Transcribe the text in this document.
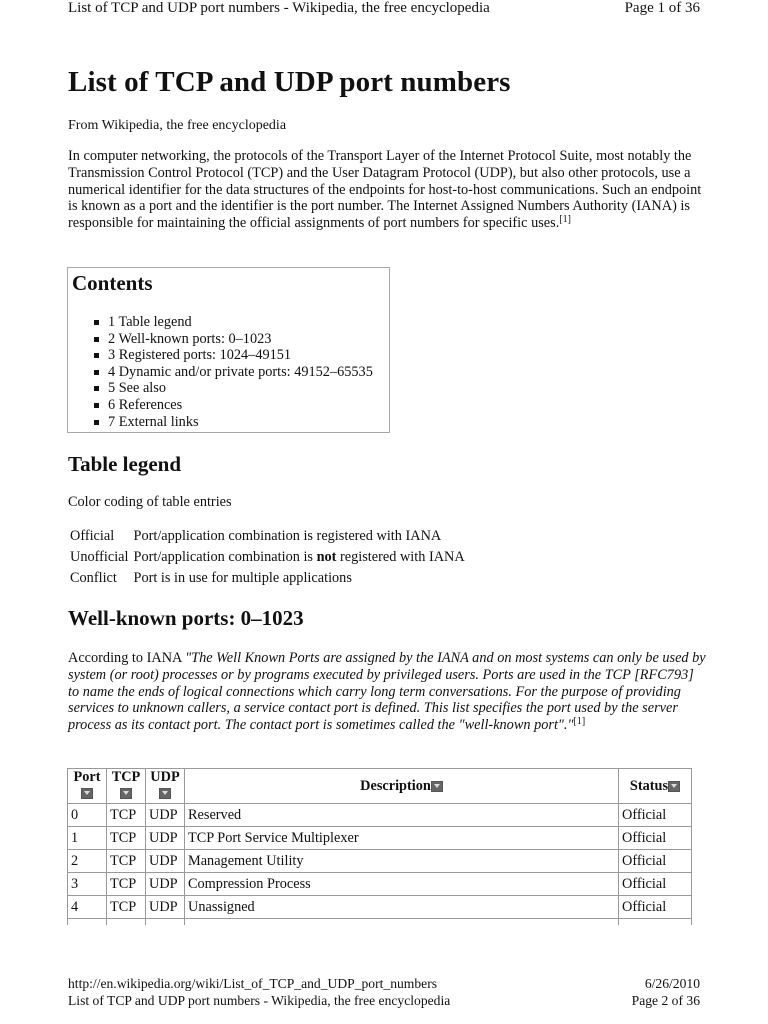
List of TCP and UDP port numbers - Wikipedia, the free encyclopedia	Page 1 of 36
List of TCP and UDP port numbers
From Wikipedia, the free encyclopedia
In computer networking, the protocols of the Transport Layer of the Internet Protocol Suite, most notably the Transmission Control Protocol (TCP) and the User Datagram Protocol (UDP), but also other protocols, use a numerical identifier for the data structures of the endpoints for host-to-host communications. Such an endpoint is known as a port and the identifier is the port number. The Internet Assigned Numbers Authority (IANA) is responsible for maintaining the official assignments of port numbers for specific uses.[1]
Contents
1 Table legend
2 Well-known ports: 0–1023
3 Registered ports: 1024–49151
4 Dynamic and/or private ports: 49152–65535
5 See also
6 References
7 External links
Table legend
Color coding of table entries
Official	Port/application combination is registered with IANA
Unofficial	Port/application combination is not registered with IANA
Conflict	Port is in use for multiple applications
Well-known ports: 0–1023
According to IANA "The Well Known Ports are assigned by the IANA and on most systems can only be used by system (or root) processes or by programs executed by privileged users. Ports are used in the TCP [RFC793] to name the ends of logical connections which carry long term conversations. For the purpose of providing services to unknown callers, a service contact port is defined. This list specifies the port used by the server process as its contact port. The contact port is sometimes called the "well-known port"."[1]
Port	TCP	UDP	Description	Status
0	TCP	UDP	Reserved	Official
1	TCP	UDP	TCP Port Service Multiplexer	Official
2	TCP	UDP	Management Utility	Official
3	TCP	UDP	Compression Process	Official
4	TCP	UDP	Unassigned	Official

http://en.wikipedia.org/wiki/List_of_TCP_and_UDP_port_numbers	6/26/2010
List of TCP and UDP port numbers - Wikipedia, the free encyclopedia	Page 2 of 36
